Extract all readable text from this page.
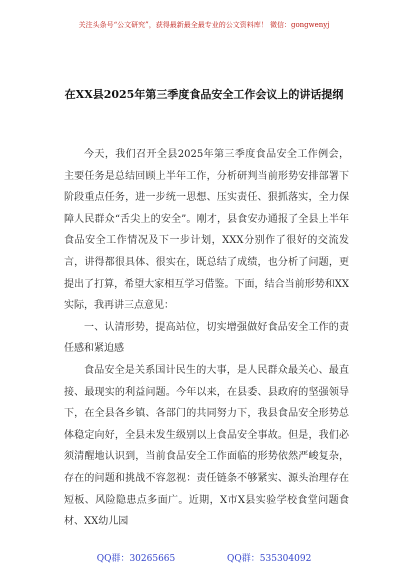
关注头条号“公文研究”，获得最新最全最专业的公文资料库！ 微信：gongwenyj
在XX县2025年第三季度食品安全工作会议上的讲话提纲

今天，我们召开全县2025年第三季度食品安全工作例会，主要任务是总结回顾上半年工作，分析研判当前形势安排部署下阶段重点任务，进一步统一思想、压实责任、狠抓落实，全力保障人民群众“舌尖上的安全”。刚才，县食安办通报了全县上半年食品安全工作情况及下一步计划，XXX分别作了很好的交流发言，讲得都很具体、很实在，既总结了成绩，也分析了问题，更提出了打算，希望大家相互学习借鉴。下面，结合当前形势和XX实际，我再讲三点意见：

一、认清形势，提高站位，切实增强做好食品安全工作的责任感和紧迫感

食品安全是关系国计民生的大事，是人民群众最关心、最直接、最现实的利益问题。今年以来，在县委、县政府的坚强领导下，在全县各乡镇、各部门的共同努力下，我县食品安全形势总体稳定向好，全县未发生级别以上食品安全事故。但是，我们必须清醒地认识到，当前食品安全工作面临的形势依然严峻复杂，存在的问题和挑战不容忽视：责任链条不够紧实、源头治理存在短板、风险隐患点多面广。近期，X市X县实验学校食堂问题食材、XX幼儿园

QQ群：30265665	QQ群：535304092
